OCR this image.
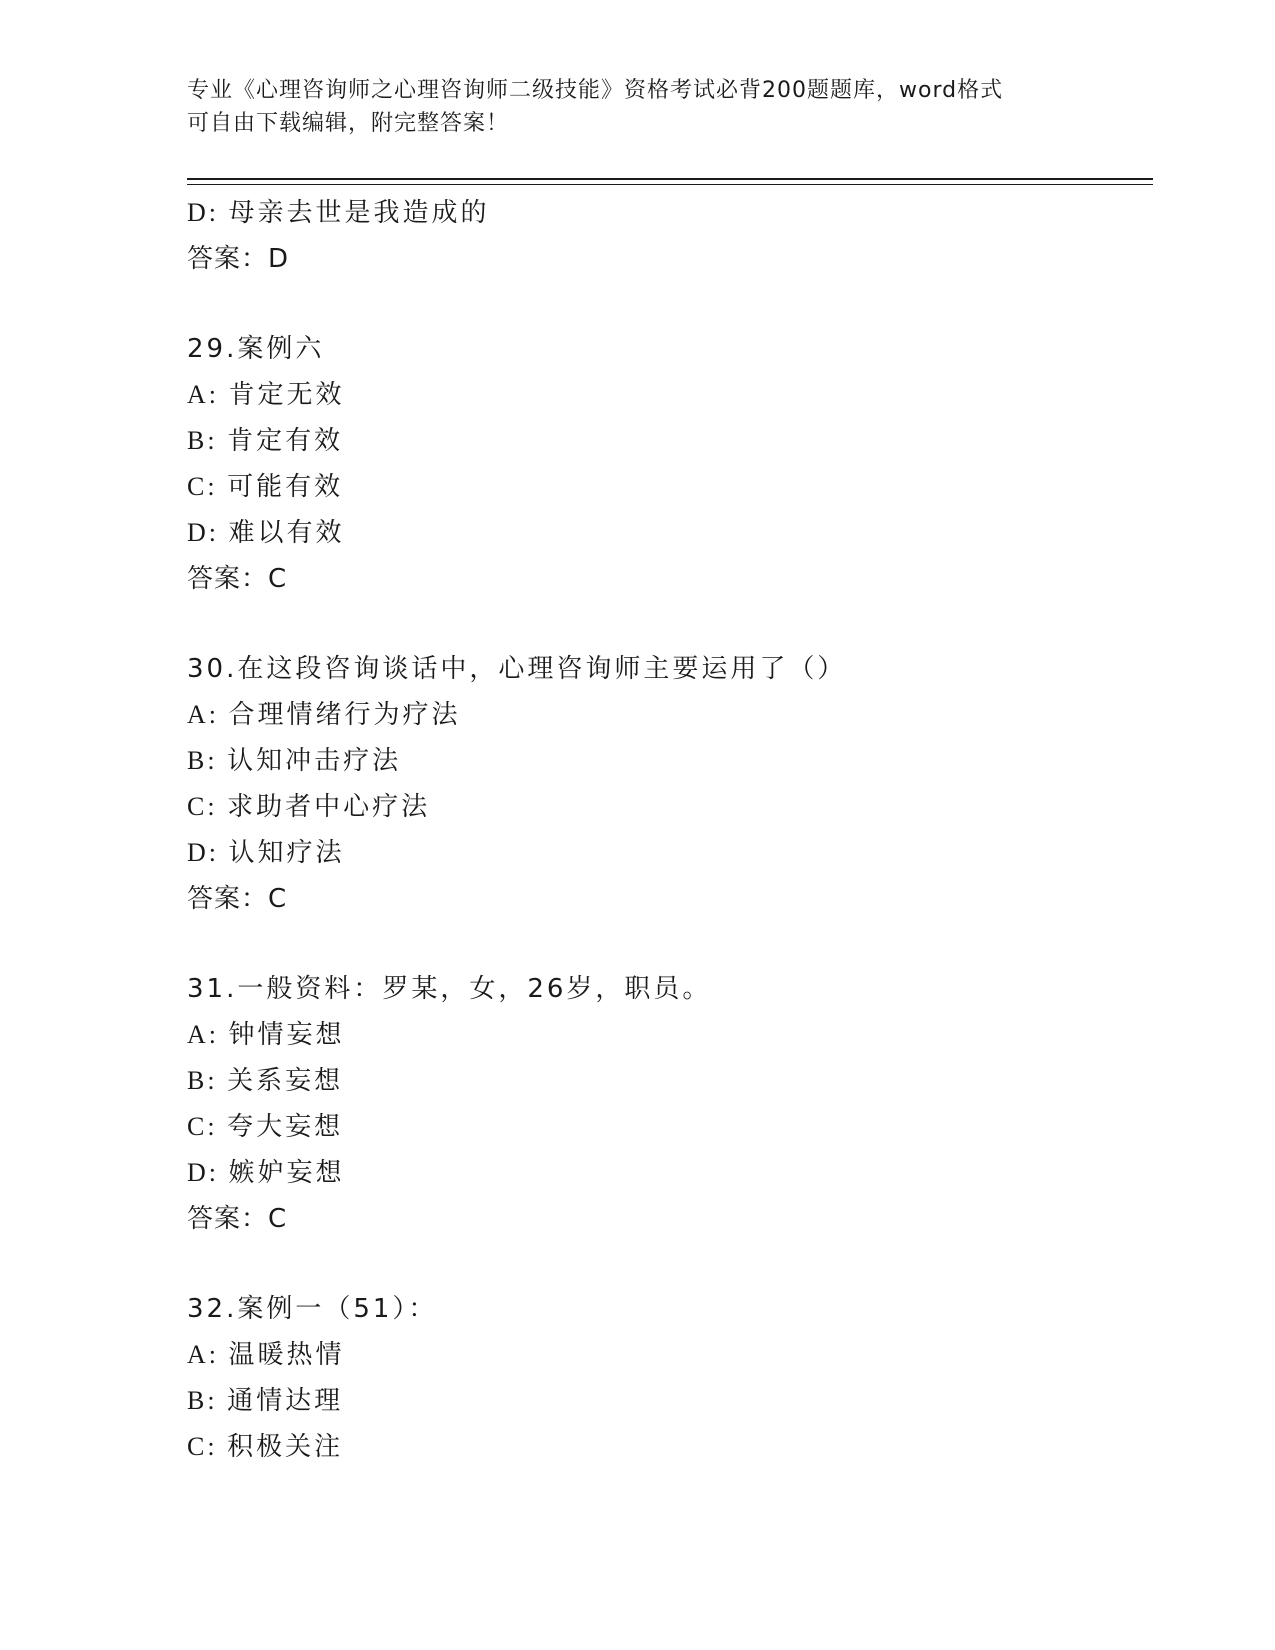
专业《心理咨询师之心理咨询师二级技能》资格考试必背200题题库，word格式
可自由下载编辑，附完整答案！
D: 母亲去世是我造成的
答案：D
29.案例六
A: 肯定无效
B: 肯定有效
C: 可能有效
D: 难以有效
答案：C
30.在这段咨询谈话中，心理咨询师主要运用了（）
A: 合理情绪行为疗法
B: 认知冲击疗法
C: 求助者中心疗法
D: 认知疗法
答案：C
31.一般资料：罗某，女，26岁，职员。
A: 钟情妄想
B: 关系妄想
C: 夸大妄想
D: 嫉妒妄想
答案：C
32.案例一（51）：
A: 温暖热情
B: 通情达理
C: 积极关注
